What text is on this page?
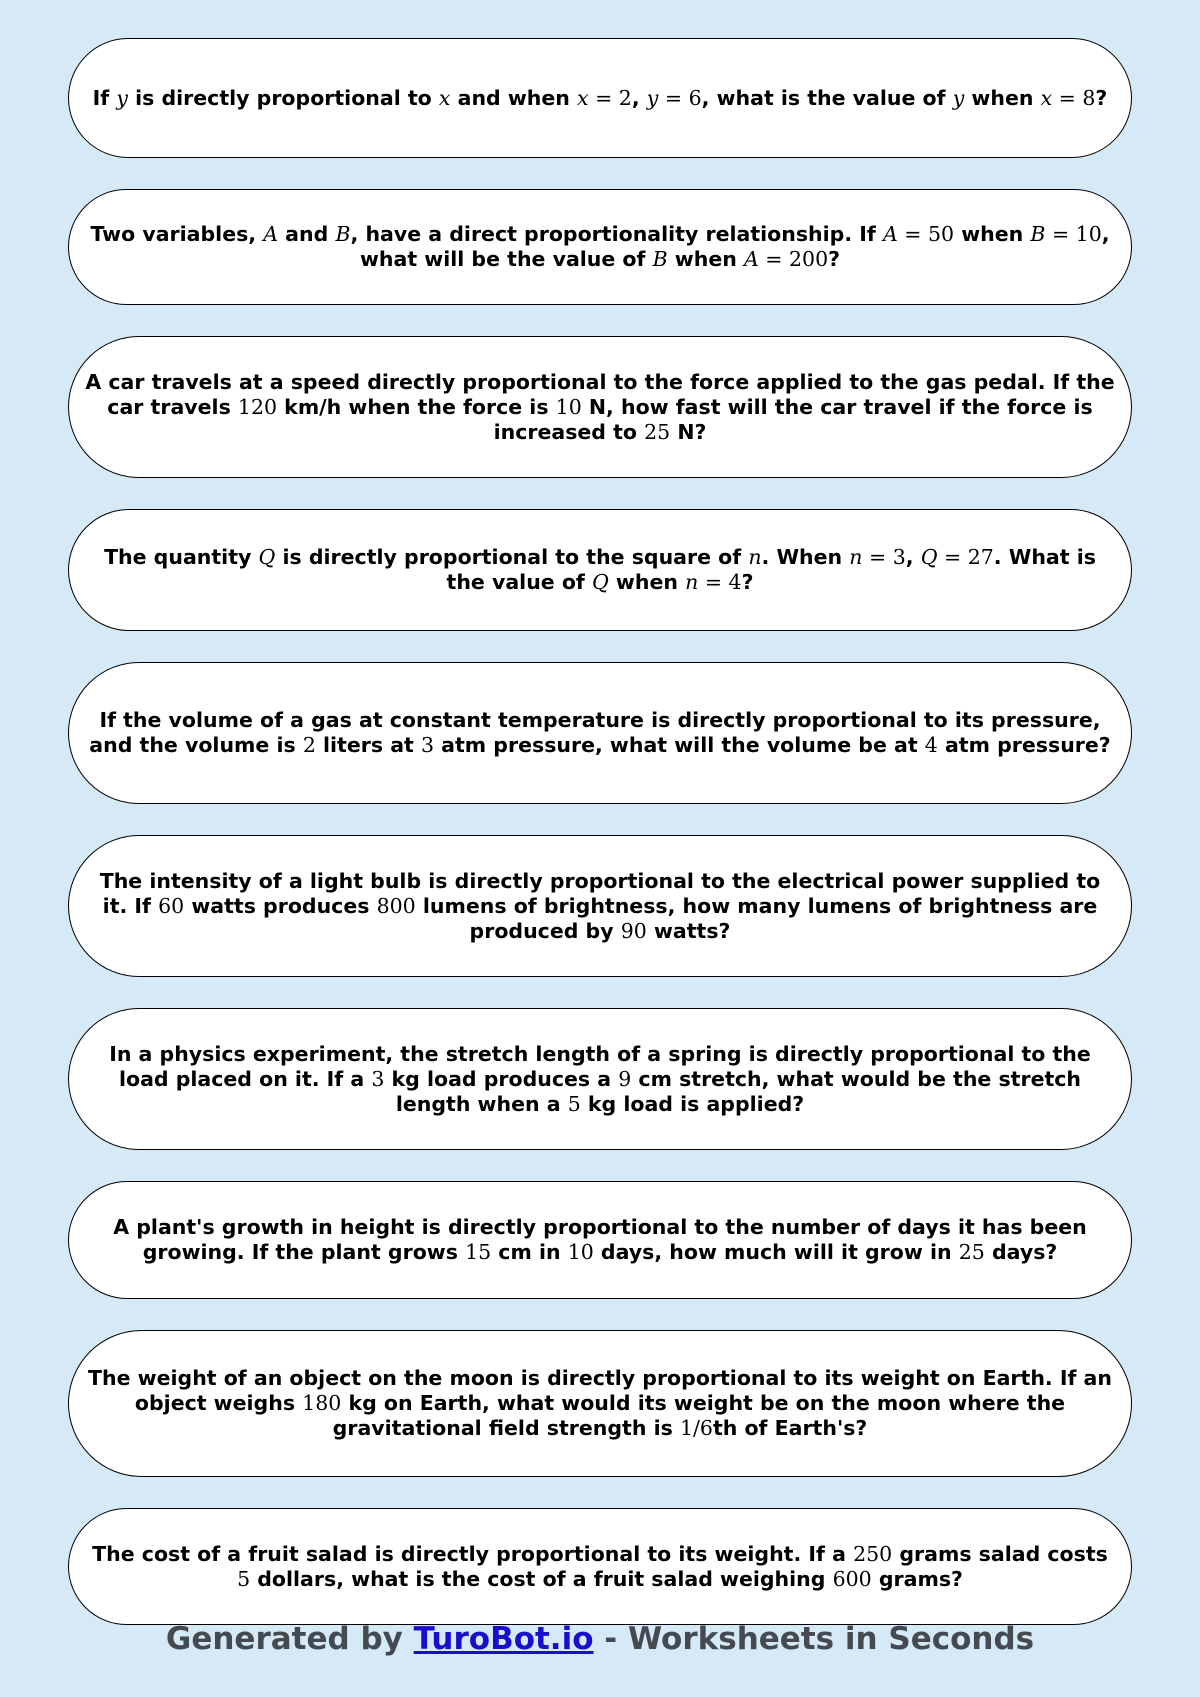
If y is directly proportional to x and when x = 2, y = 6, what is the value of y when x = 8?
Two variables, A and B, have a direct proportionality relationship. If A = 50 when B = 10, what will be the value of B when A = 200?
A car travels at a speed directly proportional to the force applied to the gas pedal. If the car travels 120 km/h when the force is 10 N, how fast will the car travel if the force is increased to 25 N?
The quantity Q is directly proportional to the square of n. When n = 3, Q = 27. What is the value of Q when n = 4?
If the volume of a gas at constant temperature is directly proportional to its pressure, and the volume is 2 liters at 3 atm pressure, what will the volume be at 4 atm pressure?
The intensity of a light bulb is directly proportional to the electrical power supplied to it. If 60 watts produces 800 lumens of brightness, how many lumens of brightness are produced by 90 watts?
In a physics experiment, the stretch length of a spring is directly proportional to the load placed on it. If a 3 kg load produces a 9 cm stretch, what would be the stretch length when a 5 kg load is applied?
A plant's growth in height is directly proportional to the number of days it has been growing. If the plant grows 15 cm in 10 days, how much will it grow in 25 days?
The weight of an object on the moon is directly proportional to its weight on Earth. If an object weighs 180 kg on Earth, what would its weight be on the moon where the gravitational field strength is 1/6th of Earth's?
The cost of a fruit salad is directly proportional to its weight. If a 250 grams salad costs 5 dollars, what is the cost of a fruit salad weighing 600 grams?
Generated by TuroBot.io - Worksheets in Seconds
